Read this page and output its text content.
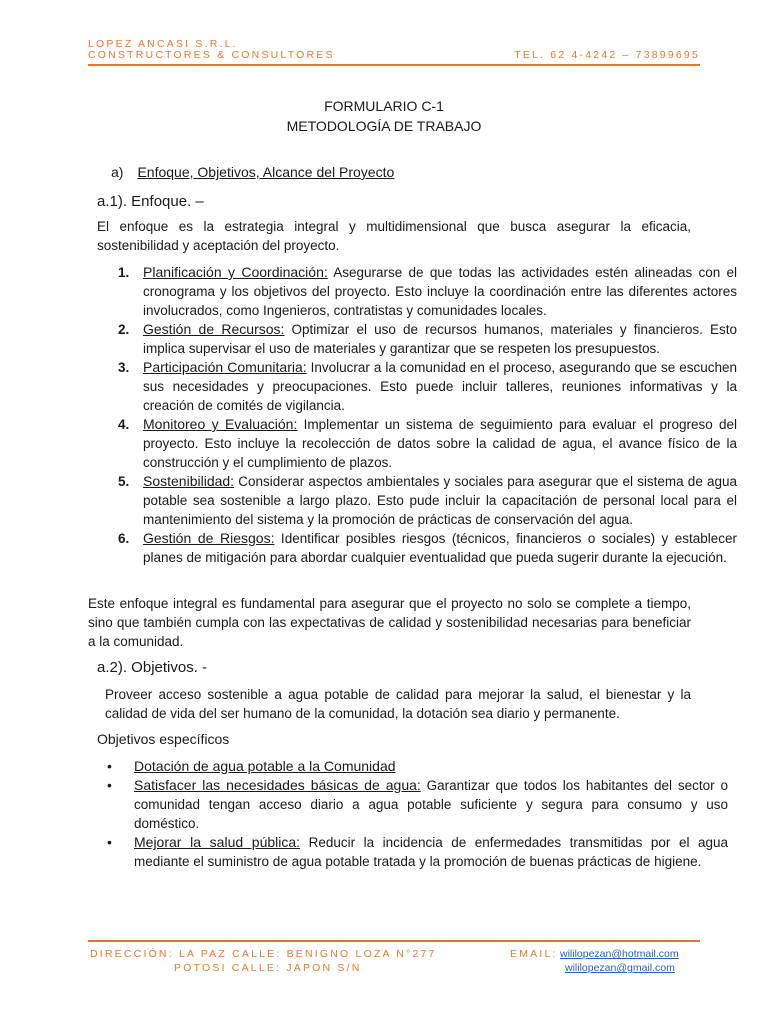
LOPEZ ANCASI S.R.L.
CONSTRUCTORES & CONSULTORES	TEL. 62 4-4242 – 73899695
FORMULARIO C-1
METODOLOGÍA DE TRABAJO
a) Enfoque, Objetivos, Alcance del Proyecto
a.1). Enfoque. –
El enfoque es la estrategia integral y multidimensional que busca asegurar la eficacia, sostenibilidad y aceptación del proyecto.
1. Planificación y Coordinación: Asegurarse de que todas las actividades estén alineadas con el cronograma y los objetivos del proyecto. Esto incluye la coordinación entre las diferentes actores involucrados, como Ingenieros, contratistas y comunidades locales.
2. Gestión de Recursos: Optimizar el uso de recursos humanos, materiales y financieros. Esto implica supervisar el uso de materiales y garantizar que se respeten los presupuestos.
3. Participación Comunitaria: Involucrar a la comunidad en el proceso, asegurando que se escuchen sus necesidades y preocupaciones. Esto puede incluir talleres, reuniones informativas y la creación de comités de vigilancia.
4. Monitoreo y Evaluación: Implementar un sistema de seguimiento para evaluar el progreso del proyecto. Esto incluye la recolección de datos sobre la calidad de agua, el avance físico de la construcción y el cumplimiento de plazos.
5. Sostenibilidad: Considerar aspectos ambientales y sociales para asegurar que el sistema de agua potable sea sostenible a largo plazo. Esto pude incluir la capacitación de personal local para el mantenimiento del sistema y la promoción de prácticas de conservación del agua.
6. Gestión de Riesgos: Identificar posibles riesgos (técnicos, financieros o sociales) y establecer planes de mitigación para abordar cualquier eventualidad que pueda sugerir durante la ejecución.
Este enfoque integral es fundamental para asegurar que el proyecto no solo se complete a tiempo, sino que también cumpla con las expectativas de calidad y sostenibilidad necesarias para beneficiar a la comunidad.
a.2). Objetivos. -
Proveer acceso sostenible a agua potable de calidad para mejorar la salud, el bienestar y la calidad de vida del ser humano de la comunidad, la dotación sea diario y permanente.
Objetivos específicos
• Dotación de agua potable a la Comunidad
• Satisfacer las necesidades básicas de agua: Garantizar que todos los habitantes del sector o comunidad tengan acceso diario a agua potable suficiente y segura para consumo y uso doméstico.
• Mejorar la salud pública: Reducir la incidencia de enfermedades transmitidas por el agua mediante el suministro de agua potable tratada y la promoción de buenas prácticas de higiene.
DIRECCIÓN: LA PAZ CALLE: BENIGNO LOZA N°277
POTOSI CALLE: JAPON S/N
EMAIL: wililopezan@hotmail.com
wililopezan@gmail.com
